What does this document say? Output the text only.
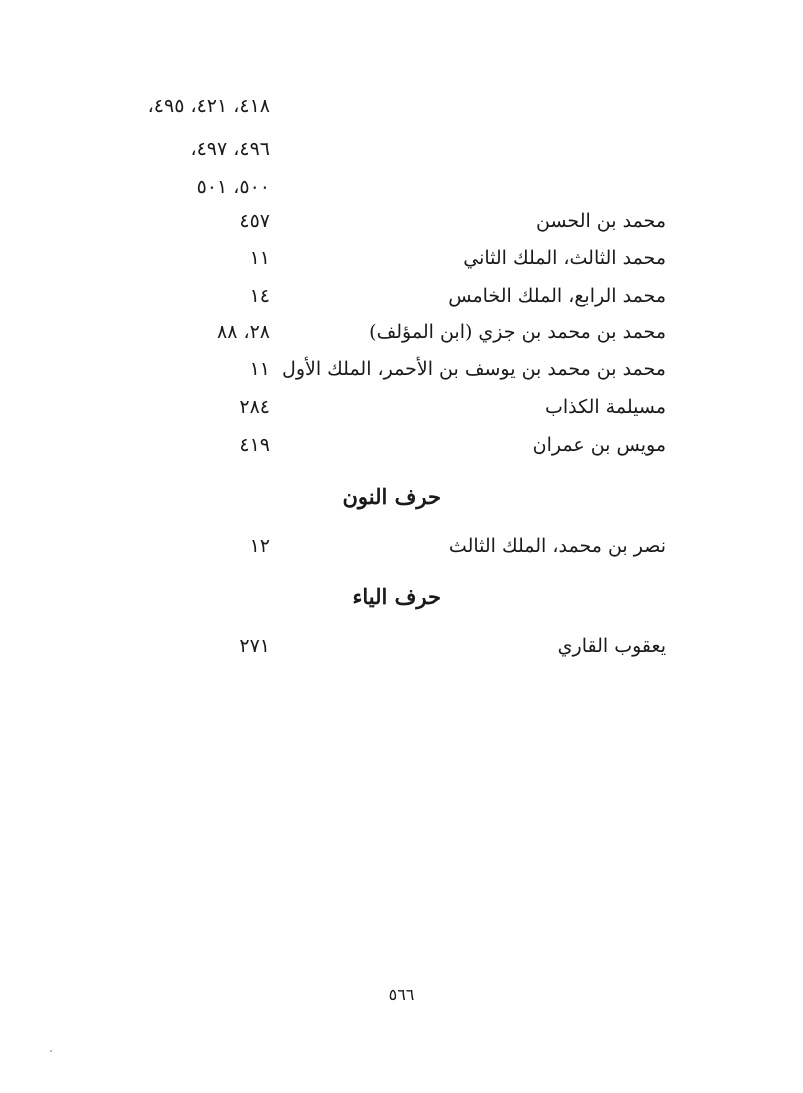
٤١٨، ٤٢١، ٤٩٥،
٤٩٦، ٤٩٧،
٥٠٠، ٥٠١
محمد بن الحسن
٤٥٧
محمد الثالث، الملك الثاني
١١
محمد الرابع، الملك الخامس
١٤
محمد بن محمد بن جزي (ابن المؤلف)
٢٨، ٨٨
محمد بن محمد بن يوسف بن الأحمر، الملك الأول
١١
مسيلمة الكذاب
٢٨٤
مويس بن عمران
٤١٩
حرف النون
نصر بن محمد، الملك الثالث
١٢
حرف الياء
يعقوب القاري
٢٧١
٥٦٦
